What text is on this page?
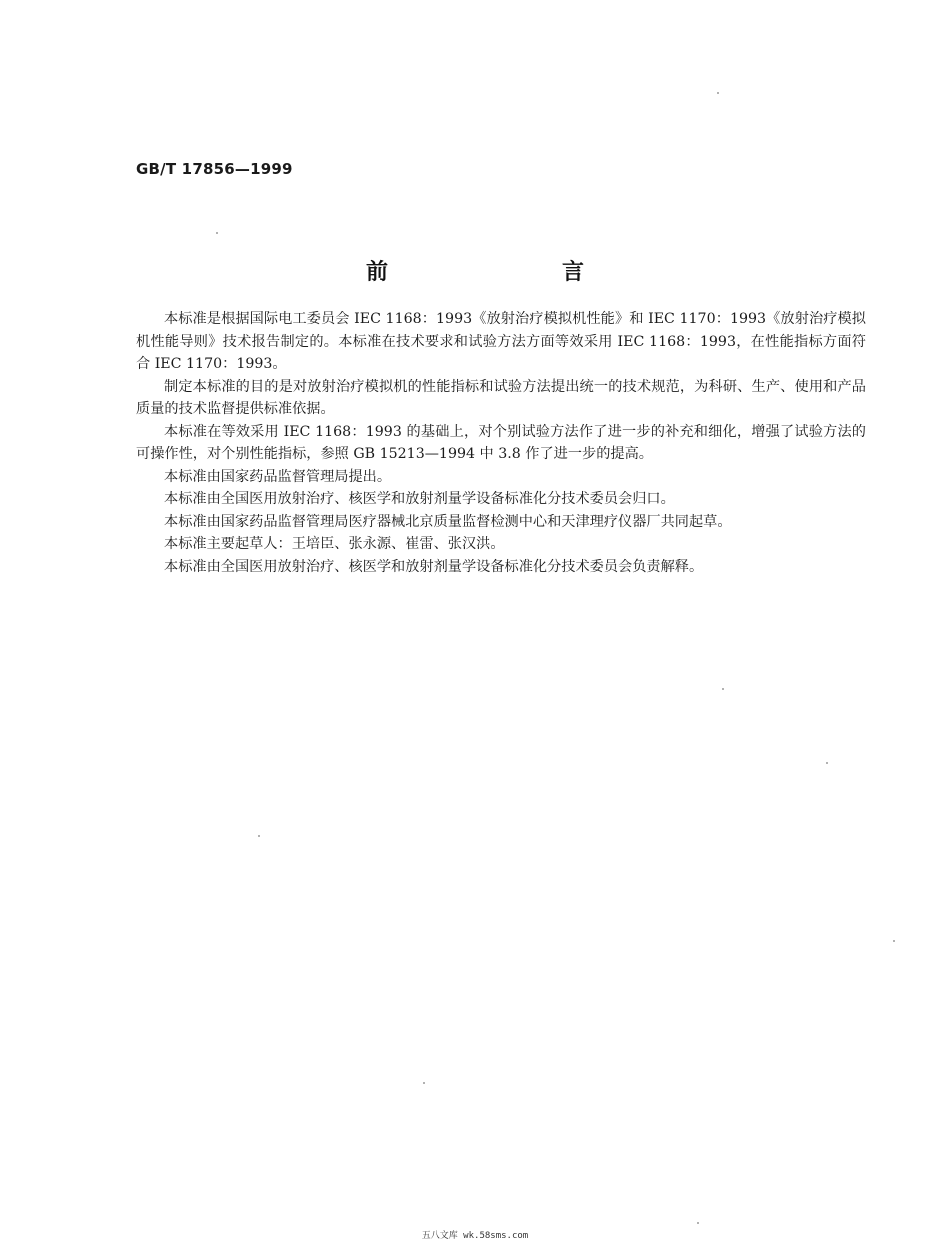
GB/T 17856—1999
前　言

本标准是根据国际电工委员会 IEC 1168：1993《放射治疗模拟机性能》和 IEC 1170：1993《放射治疗模拟机性能导则》技术报告制定的。本标准在技术要求和试验方法方面等效采用 IEC 1168：1993，在性能指标方面符合 IEC 1170：1993。

制定本标准的目的是对放射治疗模拟机的性能指标和试验方法提出统一的技术规范，为科研、生产、使用和产品质量的技术监督提供标准依据。

本标准在等效采用 IEC 1168：1993 的基础上，对个别试验方法作了进一步的补充和细化，增强了试验方法的可操作性，对个别性能指标，参照 GB 15213—1994 中 3.8 作了进一步的提高。

本标准由国家药品监督管理局提出。

本标准由全国医用放射治疗、核医学和放射剂量学设备标准化分技术委员会归口。

本标准由国家药品监督管理局医疗器械北京质量监督检测中心和天津理疗仪器厂共同起草。

本标准主要起草人：王培臣、张永源、崔雷、张汉洪。

本标准由全国医用放射治疗、核医学和放射剂量学设备标准化分技术委员会负责解释。

五八文库 wk.58sms.com
